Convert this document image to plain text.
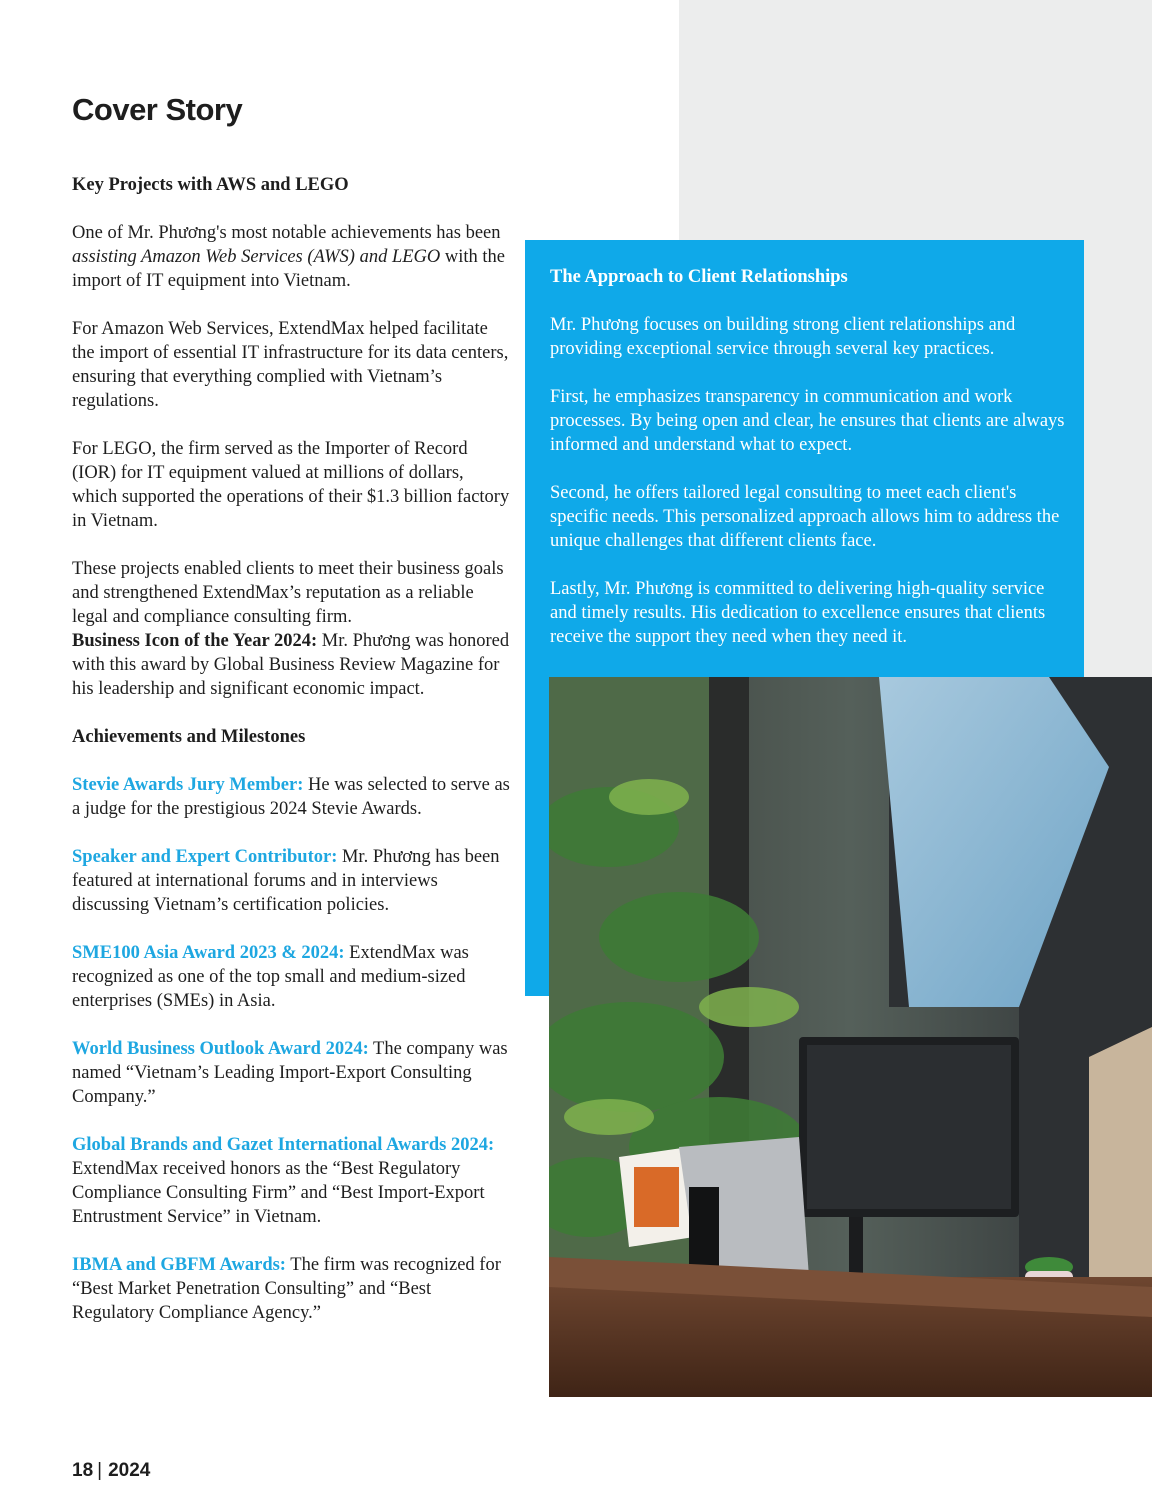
Cover Story
Key Projects with AWS and LEGO

One of Mr. Phương's most notable achievements has been assisting Amazon Web Services (AWS) and LEGO with the import of IT equipment into Vietnam.

For Amazon Web Services, ExtendMax helped facilitate the import of essential IT infrastructure for its data centers, ensuring that everything complied with Vietnam’s regulations.

For LEGO, the firm served as the Importer of Record (IOR) for IT equipment valued at millions of dollars, which supported the operations of their $1.3 billion factory in Vietnam.

These projects enabled clients to meet their business goals and strengthened ExtendMax’s reputation as a reliable legal and compliance consulting firm.

Business Icon of the Year 2024: Mr. Phương was honored with this award by Global Business Review Magazine for his leadership and significant economic impact.

Achievements and Milestones

Stevie Awards Jury Member: He was selected to serve as a judge for the prestigious 2024 Stevie Awards.

Speaker and Expert Contributor: Mr. Phương has been featured at international forums and in interviews discussing Vietnam’s certification policies.

SME100 Asia Award 2023 & 2024: ExtendMax was recognized as one of the top small and medium-sized enterprises (SMEs) in Asia.

World Business Outlook Award 2024: The company was named “Vietnam’s Leading Import-Export Consulting Company.”

Global Brands and Gazet International Awards 2024: ExtendMax received honors as the “Best Regulatory Compliance Consulting Firm” and “Best Import-Export Entrustment Service” in Vietnam.

IBMA and GBFM Awards: The firm was recognized for “Best Market Penetration Consulting” and “Best Regulatory Compliance Agency.”

The Approach to Client Relationships

Mr. Phương focuses on building strong client relationships and providing exceptional service through several key practices.

First, he emphasizes transparency in communication and work processes. By being open and clear, he ensures that clients are always informed and understand what to expect.

Second, he offers tailored legal consulting to meet each client's specific needs. This personalized approach allows him to address the unique challenges that different clients face.

Lastly, Mr. Phương is committed to delivering high-quality service and timely results. His dedication to excellence ensures that clients receive the support they need when they need it.

18 | 2024
